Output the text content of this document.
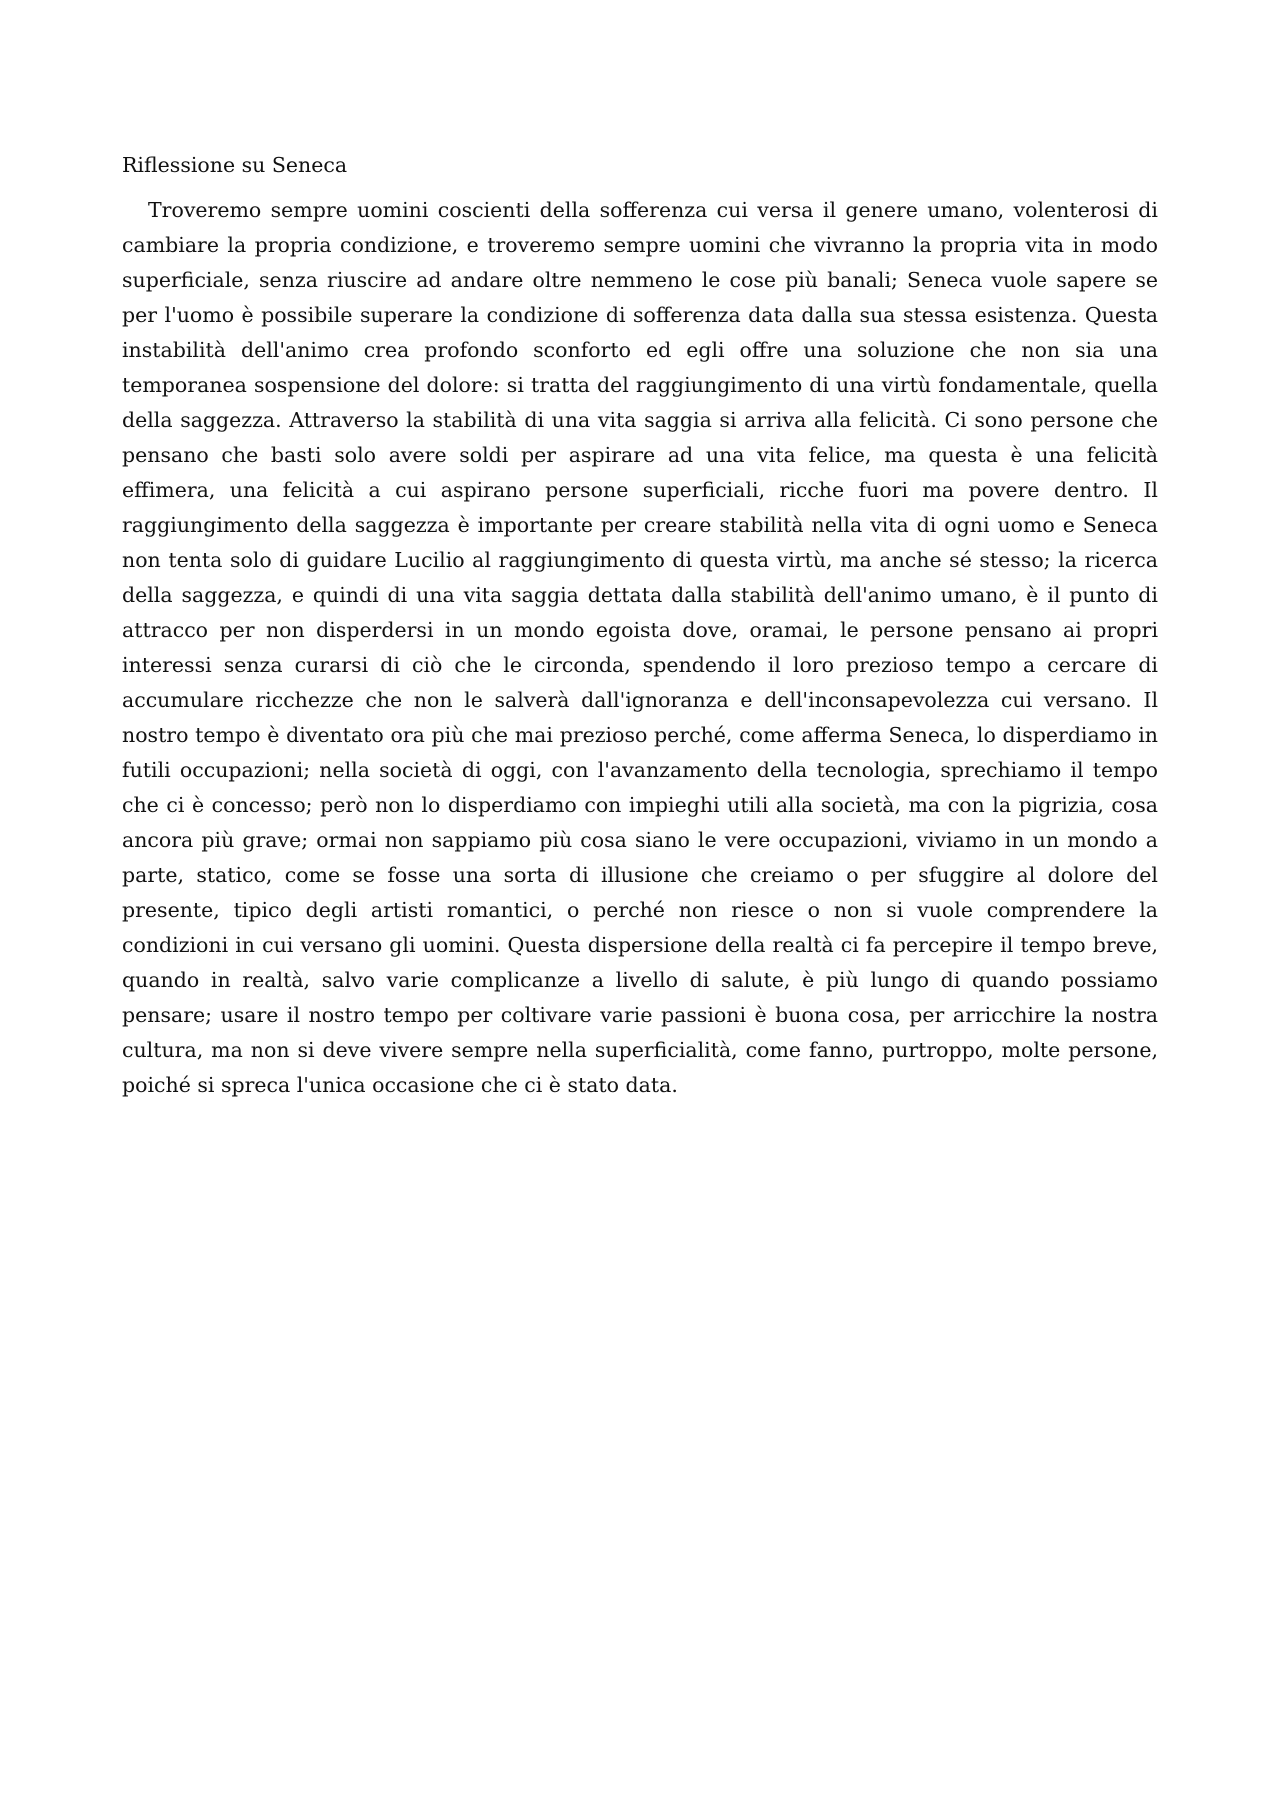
Riflessione su Seneca

Troveremo sempre uomini coscienti della sofferenza cui versa il genere umano, volenterosi di cambiare la propria condizione, e troveremo sempre uomini che vivranno la propria vita in modo superficiale, senza riuscire ad andare oltre nemmeno le cose più banali; Seneca vuole sapere se per l'uomo è possibile superare la condizione di sofferenza data dalla sua stessa esistenza. Questa instabilità dell'animo crea profondo sconforto ed egli offre una soluzione che non sia una temporanea sospensione del dolore: si tratta del raggiungimento di una virtù fondamentale, quella della saggezza. Attraverso la stabilità di una vita saggia si arriva alla felicità. Ci sono persone che pensano che basti solo avere soldi per aspirare ad una vita felice, ma questa è una felicità effimera, una felicità a cui aspirano persone superficiali, ricche fuori ma povere dentro. Il raggiungimento della saggezza è importante per creare stabilità nella vita di ogni uomo e Seneca non tenta solo di guidare Lucilio al raggiungimento di questa virtù, ma anche sé stesso; la ricerca della saggezza, e quindi di una vita saggia dettata dalla stabilità dell'animo umano, è il punto di attracco per non disperdersi in un mondo egoista dove, oramai, le persone pensano ai propri interessi senza curarsi di ciò che le circonda, spendendo il loro prezioso tempo a cercare di accumulare ricchezze che non le salverà dall'ignoranza e dell'inconsapevolezza cui versano. Il nostro tempo è diventato ora più che mai prezioso perché, come afferma Seneca, lo disperdiamo in futili occupazioni; nella società di oggi, con l'avanzamento della tecnologia, sprechiamo il tempo che ci è concesso; però non lo disperdiamo con impieghi utili alla società, ma con la pigrizia, cosa ancora più grave; ormai non sappiamo più cosa siano le vere occupazioni, viviamo in un mondo a parte, statico, come se fosse una sorta di illusione che creiamo o per sfuggire al dolore del presente, tipico degli artisti romantici, o perché non riesce o non si vuole comprendere la condizioni in cui versano gli uomini. Questa dispersione della realtà ci fa percepire il tempo breve, quando in realtà, salvo varie complicanze a livello di salute, è più lungo di quando possiamo pensare; usare il nostro tempo per coltivare varie passioni è buona cosa, per arricchire la nostra cultura, ma non si deve vivere sempre nella superficialità, come fanno, purtroppo, molte persone, poiché si spreca l'unica occasione che ci è stato data.
